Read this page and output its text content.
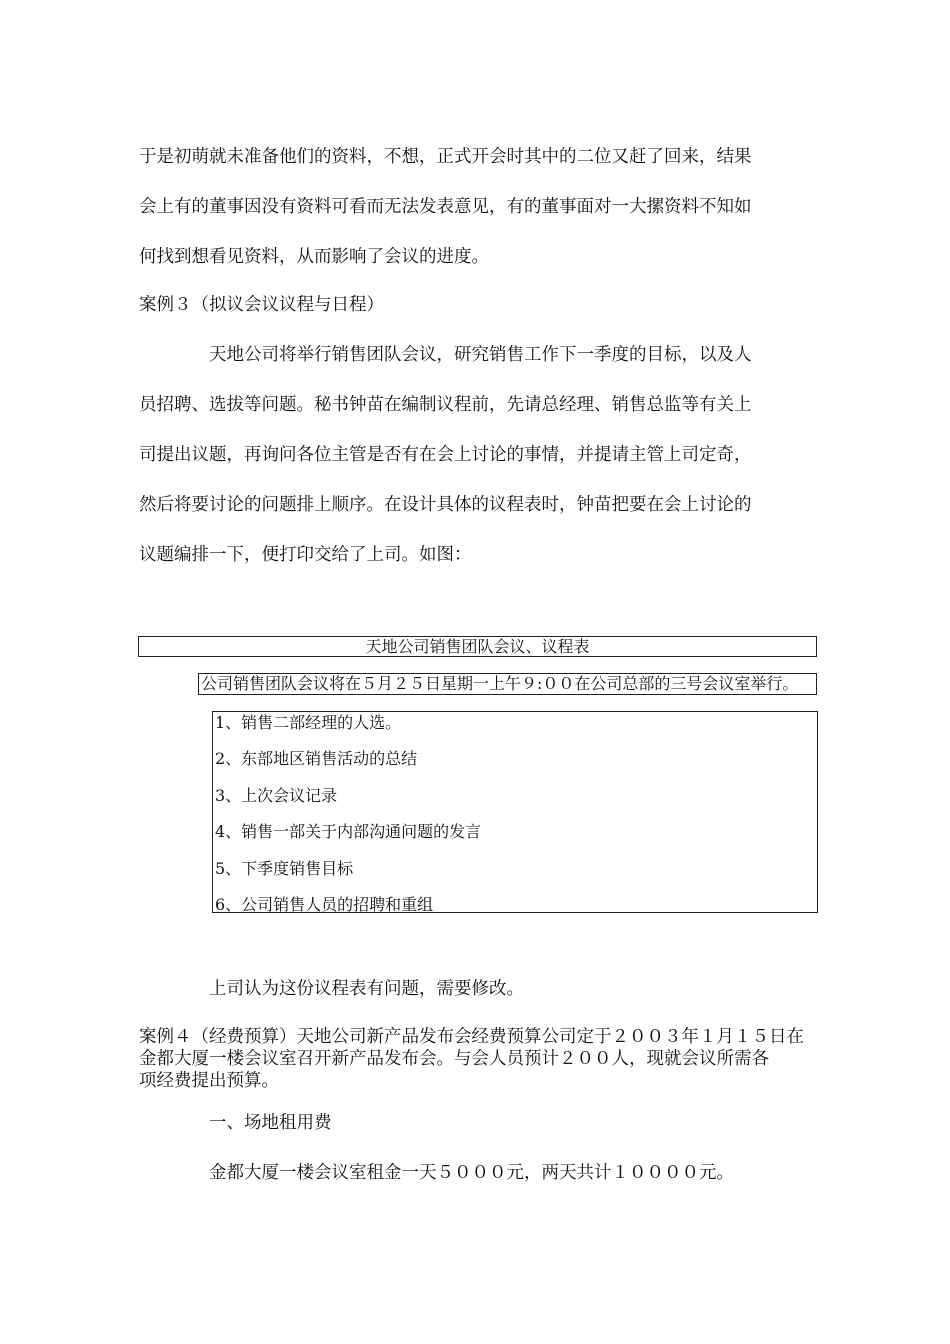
于是初萌就未准备他们的资料，不想，正式开会时其中的二位又赶了回来，结果
会上有的董事因没有资料可看而无法发表意见，有的董事面对一大摞资料不知如
何找到想看见资料，从而影响了会议的进度。
案例３（拟议会议议程与日程）
天地公司将举行销售团队会议，研究销售工作下一季度的目标，以及人
员招聘、选拔等问题。秘书钟苗在编制议程前，先请总经理、销售总监等有关上
司提出议题，再询问各位主管是否有在会上讨论的事情，并提请主管上司定奇，
然后将要讨论的问题排上顺序。在设计具体的议程表时，钟苗把要在会上讨论的
议题编排一下，便打印交给了上司。如图：
天地公司销售团队会议、议程表
公司销售团队会议将在５月２５日星期一上午９:００在公司总部的三号会议室举行。
1、销售二部经理的人选。
2、东部地区销售活动的总结
3、上次会议记录
4、销售一部关于内部沟通问题的发言
5、下季度销售目标
6、公司销售人员的招聘和重组
上司认为这份议程表有问题，需要修改。
案例４（经费预算）天地公司新产品发布会经费预算公司定于２００３年１月１５日在
金都大厦一楼会议室召开新产品发布会。与会人员预计２００人，现就会议所需各
项经费提出预算。
一、场地租用费
金都大厦一楼会议室租金一天５０００元，两天共计１００００元。
